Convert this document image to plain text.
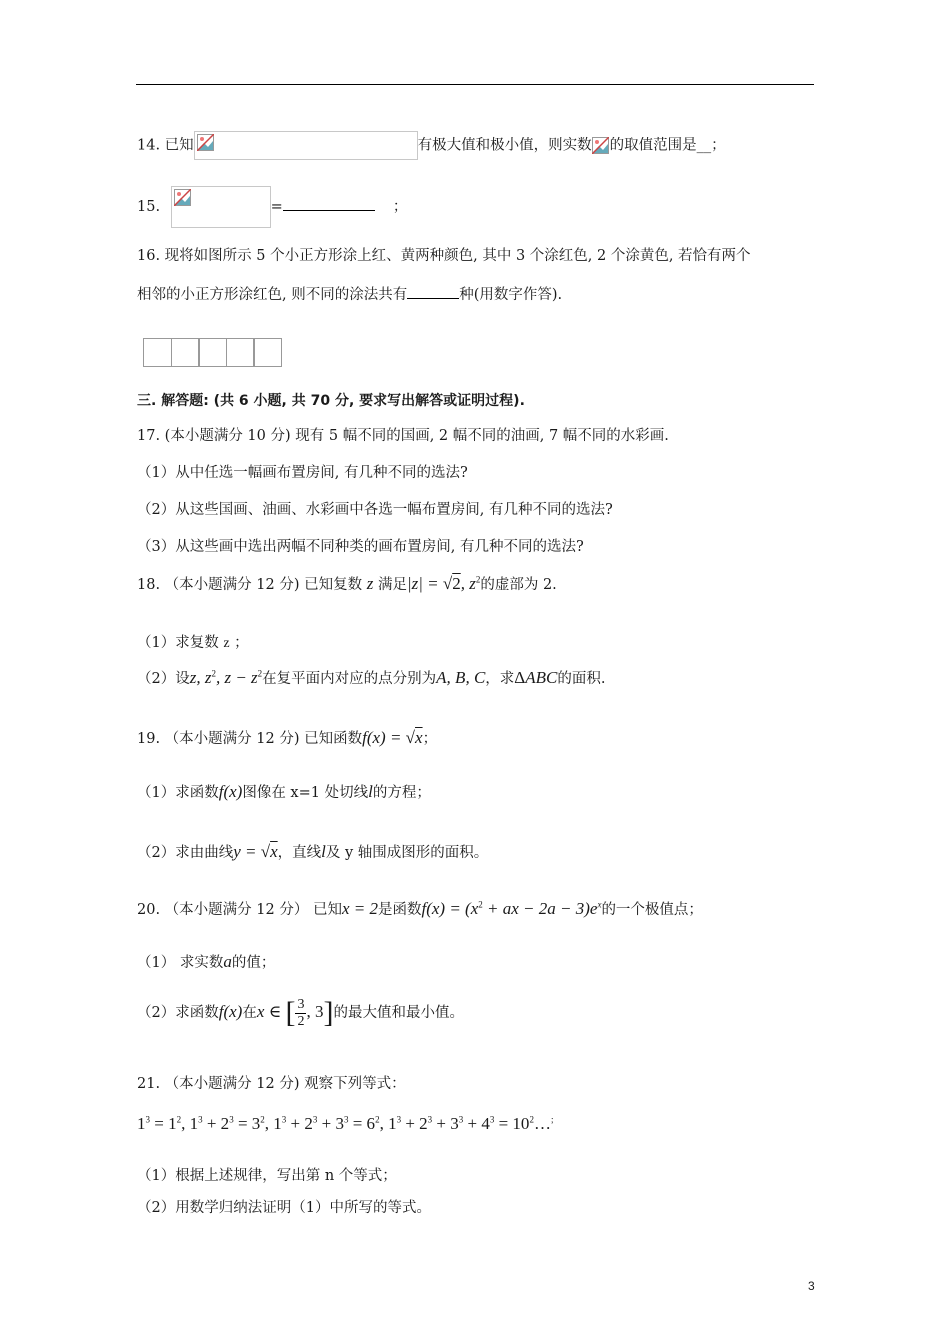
14. 已知	有极大值和极小值，则实数 的取值范围是__；
15.	=	；
16. 现将如图所示 5 个小正方形涂上红、黄两种颜色, 其中 3 个涂红色, 2 个涂黄色, 若恰有两个
相邻的小正方形涂红色, 则不同的涂法共有	种(用数字作答).
三. 解答题: (共 6 小题, 共 70 分, 要求写出解答或证明过程).
17. (本小题满分 10 分) 现有 5 幅不同的国画, 2 幅不同的油画, 7 幅不同的水彩画.
（1）从中任选一幅画布置房间, 有几种不同的选法?
（2）从这些国画、油画、水彩画中各选一幅布置房间, 有几种不同的选法?
（3）从这些画中选出两幅不同种类的画布置房间, 有几种不同的选法?
18. （本小题满分 12 分) 已知复数 z 满足|z| = √2, $z^2$的虚部为 2.
（1）求复数 z ；
（2）设z, $z^2$, $z - z^2$在复平面内对应的点分别为A, B, C，求ΔABC的面积.
19. （本小题满分 12 分) 已知函数f(x) = √x；
（1）求函数f(x)图像在 x=1 处切线l的方程；
（2）求由曲线y = √x，直线l及 y 轴围成图形的面积。
20. （本小题满分 12 分） 已知x = 2是函数$f(x) = (x^2$ + ax − $2a - 3)e^x$的一个极值点；
（1） 求实数a的值；
（2）求函数f(x)在x ∈ [ $\frac{3}{2}$ , 3]的最大值和最小值。
21. （本小题满分 12 分) 观察下列等式：
$1^3 = 1^2$, $1^3 + 2^3 = 3^2$, $1^3 + 2^3 + 3^3 = 6^2$, $1^3 + 2^3 + 3^3 + 4^3$ = $10^2\dots^;$
（1）根据上述规律，写出第 n 个等式；
（2）用数学归纳法证明（1）中所写的等式。
3
